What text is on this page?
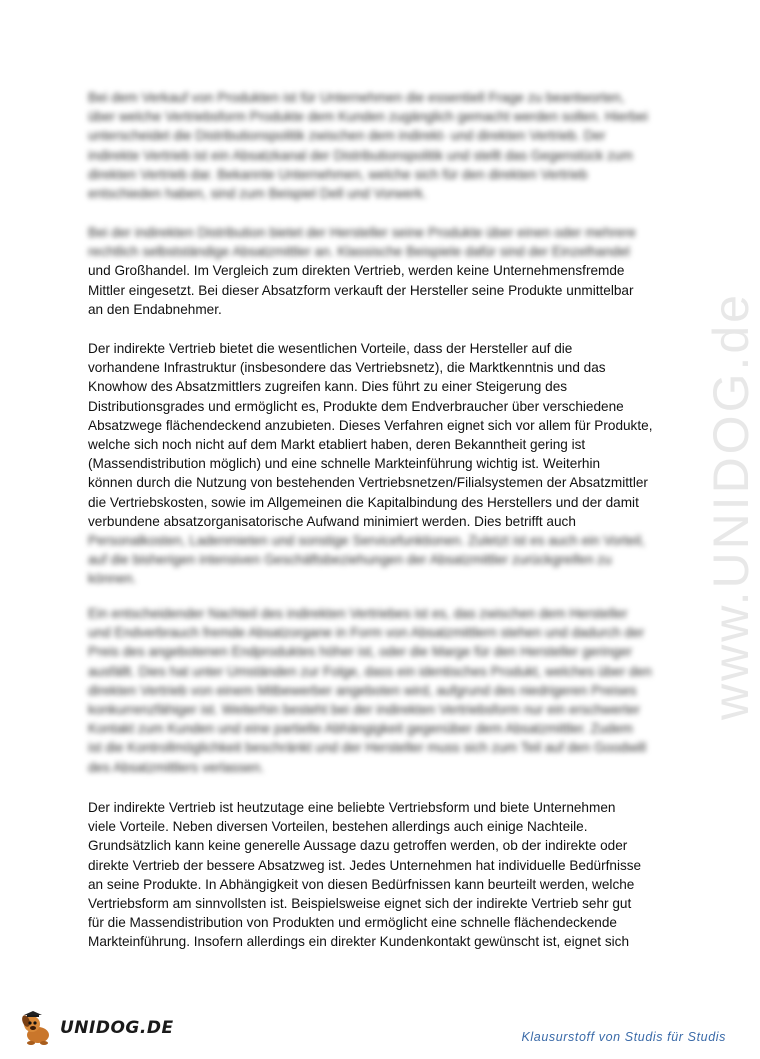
www.UNIDOG.de
Bei dem Verkauf von Produkten ist für Unternehmen die essentiell Frage zu beantworten,
über welche Vertriebsform Produkte dem Kunden zugänglich gemacht werden sollen. Hierbei
unterscheidet die Distributionspolitik zwischen dem indirekt- und direkten Vertrieb. Der
indirekte Vertrieb ist ein Absatzkanal der Distributionspolitik und stellt das Gegenstück zum
direkten Vertrieb dar. Bekannte Unternehmen, welche sich für den direkten Vertrieb
entschieden haben, sind zum Beispiel Dell und Vorwerk.
Bei der indirekten Distribution bietet der Hersteller seine Produkte über einen oder mehrere
rechtlich selbstständige Absatzmittler an. Klassische Beispiele dafür sind der Einzelhandel
und Großhandel. Im Vergleich zum direkten Vertrieb, werden keine Unternehmensfremde
Mittler eingesetzt. Bei dieser Absatzform verkauft der Hersteller seine Produkte unmittelbar
an den Endabnehmer.
Der indirekte Vertrieb bietet die wesentlichen Vorteile, dass der Hersteller auf die
vorhandene Infrastruktur (insbesondere das Vertriebsnetz), die Marktkenntnis und das
Knowhow des Absatzmittlers zugreifen kann. Dies führt zu einer Steigerung des
Distributionsgrades und ermöglicht es, Produkte dem Endverbraucher über verschiedene
Absatzwege flächendeckend anzubieten. Dieses Verfahren eignet sich vor allem für Produkte,
welche sich noch nicht auf dem Markt etabliert haben, deren Bekanntheit gering ist
(Massendistribution möglich) und eine schnelle Markteinführung wichtig ist. Weiterhin
können durch die Nutzung von bestehenden Vertriebsnetzen/Filialsystemen der Absatzmittler
die Vertriebskosten, sowie im Allgemeinen die Kapitalbindung des Herstellers und der damit
verbundene absatzorganisatorische Aufwand minimiert werden. Dies betrifft auch
Personalkosten, Ladenmieten und sonstige Servicefunktionen. Zuletzt ist es auch ein Vorteil,
auf die bisherigen intensiven Geschäftsbeziehungen der Absatzmittler zurückgreifen zu
können.
Ein entscheidender Nachteil des indirekten Vertriebes ist es, das zwischen dem Hersteller
und Endverbrauch fremde Absatzorgane in Form von Absatzmittlern stehen und dadurch der
Preis des angebotenen Endproduktes höher ist, oder die Marge für den Hersteller geringer
ausfällt. Dies hat unter Umständen zur Folge, dass ein identisches Produkt, welches über den
direkten Vertrieb von einem Mitbewerber angeboten wird, aufgrund des niedrigeren Preises
konkurrenzfähiger ist. Weiterhin besteht bei der indirekten Vertriebsform nur ein erschwerter
Kontakt zum Kunden und eine partielle Abhängigkeit gegenüber dem Absatzmittler. Zudem
ist die Kontrollmöglichkeit beschränkt und der Hersteller muss sich zum Teil auf den Goodwill
des Absatzmittlers verlassen.
Der indirekte Vertrieb ist heutzutage eine beliebte Vertriebsform und biete Unternehmen
viele Vorteile. Neben diversen Vorteilen, bestehen allerdings auch einige Nachteile.
Grundsätzlich kann keine generelle Aussage dazu getroffen werden, ob der indirekte oder
direkte Vertrieb der bessere Absatzweg ist. Jedes Unternehmen hat individuelle Bedürfnisse
an seine Produkte. In Abhängigkeit von diesen Bedürfnissen kann beurteilt werden, welche
Vertriebsform am sinnvollsten ist. Beispielsweise eignet sich der indirekte Vertrieb sehr gut
für die Massendistribution von Produkten und ermöglicht eine schnelle flächendeckende
Markteinführung. Insofern allerdings ein direkter Kundenkontakt gewünscht ist, eignet sich
UNIDOG.DE	Klausurstoff von Studis für Studis
